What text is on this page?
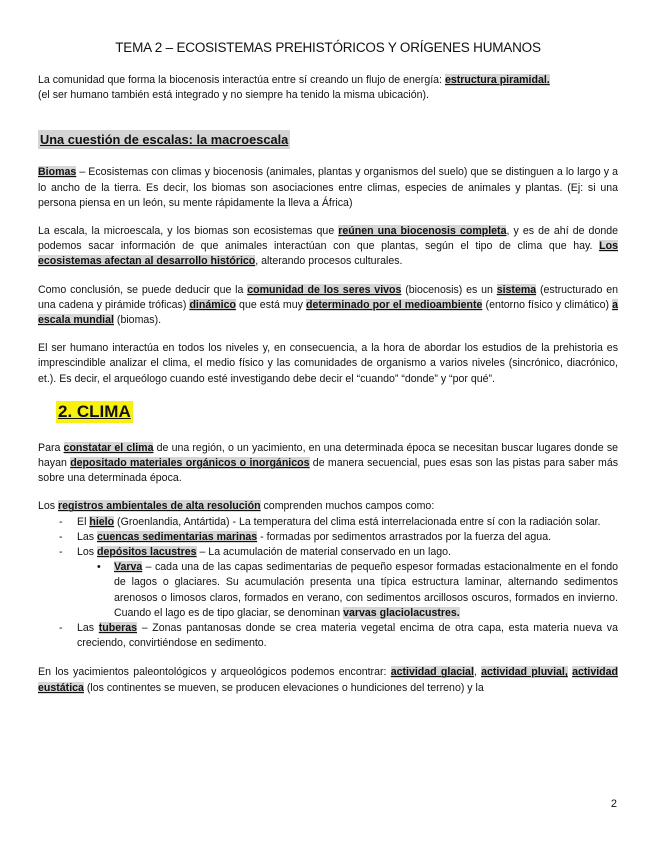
TEMA 2 – ECOSISTEMAS PREHISTÓRICOS Y ORÍGENES HUMANOS

La comunidad que forma la biocenosis interactúa entre sí creando un flujo de energía: estructura piramidal.
(el ser humano también está integrado y no siempre ha tenido la misma ubicación).

Una cuestión de escalas: la macroescala

Biomas – Ecosistemas con climas y biocenosis (animales, plantas y organismos del suelo) que se distinguen a lo largo y a lo ancho de la tierra. Es decir, los biomas son asociaciones entre climas, especies de animales y plantas. (Ej: si una persona piensa en un león, su mente rápidamente la lleva a África)

La escala, la microescala, y los biomas son ecosistemas que reúnen una biocenosis completa, y es de ahí de donde podemos sacar información de que animales interactúan con que plantas, según el tipo de clima que hay. Los ecosistemas afectan al desarrollo histórico, alterando procesos culturales.

Como conclusión, se puede deducir que la comunidad de los seres vivos (biocenosis) es un sistema (estructurado en una cadena y pirámide tróficas) dinámico que está muy determinado por el medioambiente (entorno físico y climático) a escala mundial (biomas).

El ser humano interactúa en todos los niveles y, en consecuencia, a la hora de abordar los estudios de la prehistoria es imprescindible analizar el clima, el medio físico y las comunidades de organismo a varios niveles (sincrónico, diacrónico, et.). Es decir, el arqueólogo cuando esté investigando debe decir el “cuando” “donde” y “por qué”.

2. CLIMA

Para constatar el clima de una región, o un yacimiento, en una determinada época se necesitan buscar lugares donde se hayan depositado materiales orgánicos o inorgánicos de manera secuencial, pues esas son las pistas para saber más sobre una determinada época.

Los registros ambientales de alta resolución comprenden muchos campos como:

- El hielo (Groenlandia, Antártida) - La temperatura del clima está interrelacionada entre sí con la radiación solar.
- Las cuencas sedimentarias marinas - formadas por sedimentos arrastrados por la fuerza del agua.
- Los depósitos lacustres – La acumulación de material conservado en un lago.
• Varva – cada una de las capas sedimentarias de pequeño espesor formadas estacionalmente en el fondo de lagos o glaciares. Su acumulación presenta una típica estructura laminar, alternando sedimentos arenosos o limosos claros, formados en verano, con sedimentos arcillosos oscuros, formados en invierno. Cuando el lago es de tipo glaciar, se denominan varvas glaciolacustres.
- Las tuberas – Zonas pantanosas donde se crea materia vegetal encima de otra capa, esta materia nueva va creciendo, convirtiéndose en sedimento.

En los yacimientos paleontológicos y arqueológicos podemos encontrar: actividad glacial, actividad pluvial, actividad eustática (los continentes se mueven, se producen elevaciones o hundiciones del terreno) y la

2
